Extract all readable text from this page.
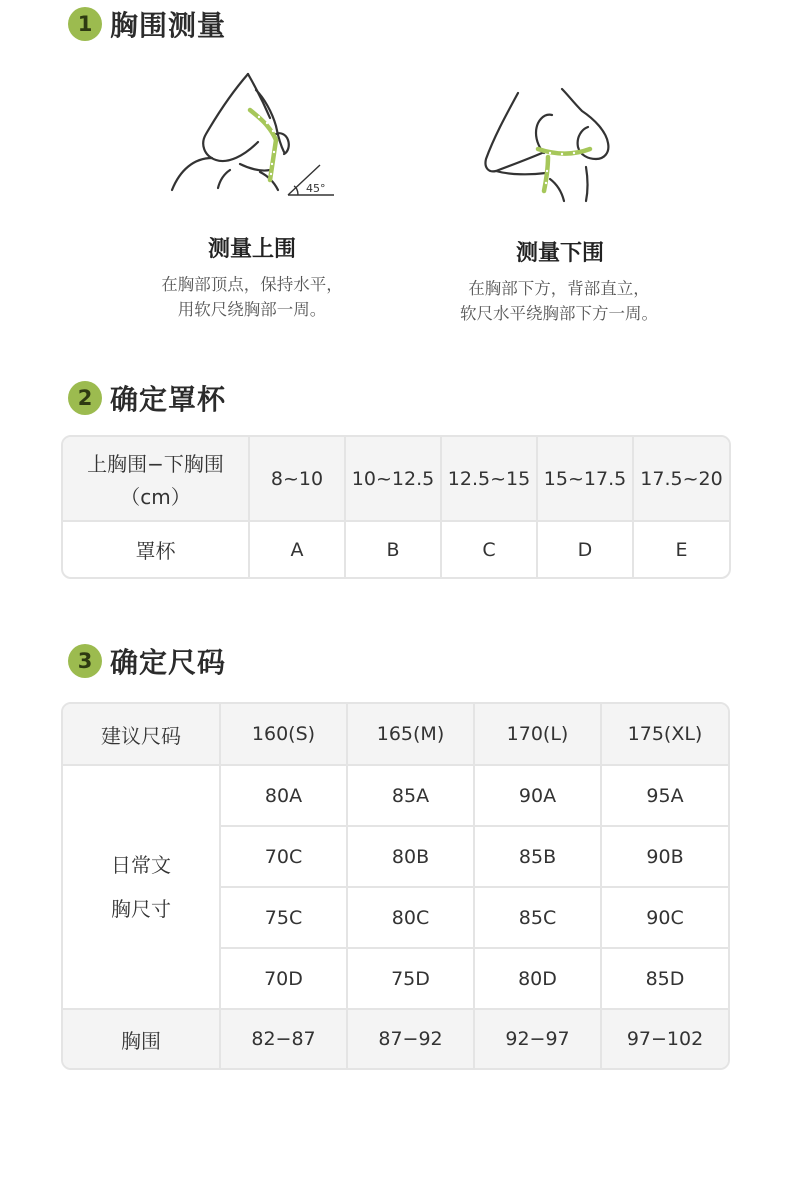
1 胸围测量
45°
测量上围
在胸部顶点，保持水平，
用软尺绕胸部一周。
测量下围
在胸部下方，背部直立，
软尺水平绕胸部下方一周。
2 确定罩杯
上胸围−下胸围
（cm）	8~10	10~12.5	12.5~15	15~17.5	17.5~20
罩杯	A	B	C	D	E
3 确定尺码
建议尺码	160(S)	165(M)	170(L)	175(XL)

日常文
胸尺寸	80A	85A	90A	95A
	70C	80B	85B	90B
	75C	80C	85C	90C
	70D	75D	80D	85D
胸围	82−87	87−92	92−97	97−102
